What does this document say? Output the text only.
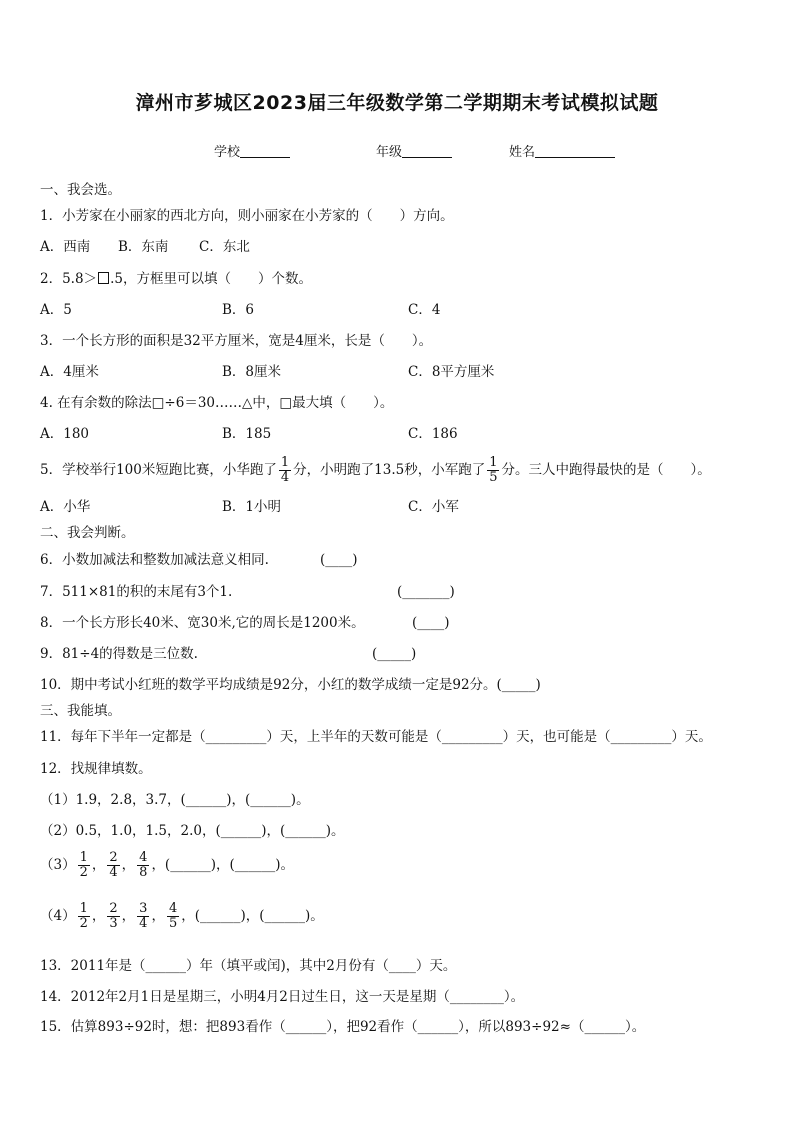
漳州市芗城区2023届三年级数学第二学期期末考试模拟试题
学校	年级	姓名
一、我会选。
1．小芳家在小丽家的西北方向，则小丽家在小芳家的（　　）方向。
A．西南 B．东南 C．东北
2．5.8＞ .5，方框里可以填（　　）个数。
A．5	B．6	C．4
3．一个长方形的面积是32平方厘米，宽是4厘米，长是（　　）。
A．4厘米	B．8厘米	C．8平方厘米
4. 在有余数的除法□÷6＝30……△中，□最大填（　　）。
A．180	B．185	C．186
5．学校举行100米短跑比赛，小华跑了 $\frac{1}{4}$ 分，小明跑了13.5秒，小军跑了 $\frac{1}{5}$ 分。三人中跑得最快的是（　　）。
A．小华	B．1小明	C．小军
二、我会判断。
6．小数加减法和整数加减法意义相同.	(____)
7．511×81的积的末尾有3个1.	(_______)
8．一个长方形长40米、宽30米,它的周长是1200米。	(____)
9．81÷4的得数是三位数.	(_____)
10．期中考试小红班的数学平均成绩是92分，小红的数学成绩一定是92分。(_____)
三、我能填。
11．每年下半年一定都是（_________）天，上半年的天数可能是（_________）天，也可能是（_________）天。
12．找规律填数。
（1）1.9，2.8，3.7，(______)，(______)。
（2）0.5，1.0，1.5，2.0，(______)，(______)。
$(3) \frac{1}{2}$ ， $\frac{2}{4}$ ， $\frac{4}{8}$ ，(______)，(______)。
$(4) \frac{1}{2}$ ， $\frac{2}{3}$ ， $\frac{3}{4}$ ， $\frac{4}{5}$ ，(______)，(______)。
13．2011年是（______）年（填平或闰)，其中2月份有（____）天。
14．2012年2月1日是星期三，小明4月2日过生日，这一天是星期（________）。
15．估算893÷92时，想：把893看作（______），把92看作（______），所以893÷92≈（______）。
